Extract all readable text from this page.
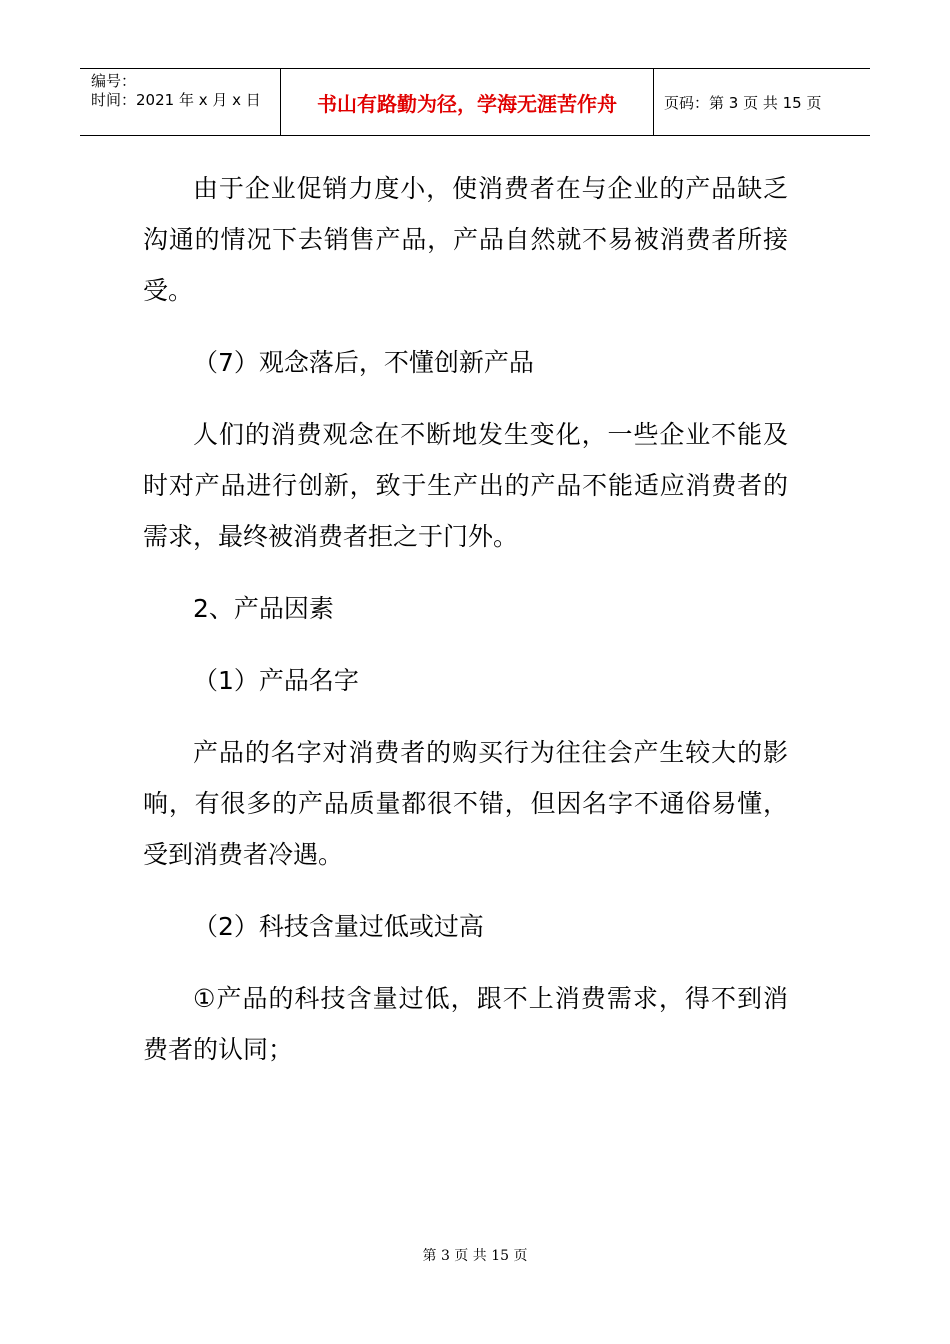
编号：
时间：2021 年 x 月 x 日	书山有路勤为径，学海无涯苦作舟	页码：第 3 页 共 15 页

由于企业促销力度小，使消费者在与企业的产品缺乏沟通的情况下去销售产品，产品自然就不易被消费者所接受。

（7）观念落后，不懂创新产品

人们的消费观念在不断地发生变化，一些企业不能及时对产品进行创新，致于生产出的产品不能适应消费者的需求，最终被消费者拒之于门外。

2、产品因素

（1）产品名字

产品的名字对消费者的购买行为往往会产生较大的影响，有很多的产品质量都很不错，但因名字不通俗易懂，受到消费者冷遇。

（2）科技含量过低或过高

①产品的科技含量过低，跟不上消费需求，得不到消费者的认同；

第 3 页 共 15 页
